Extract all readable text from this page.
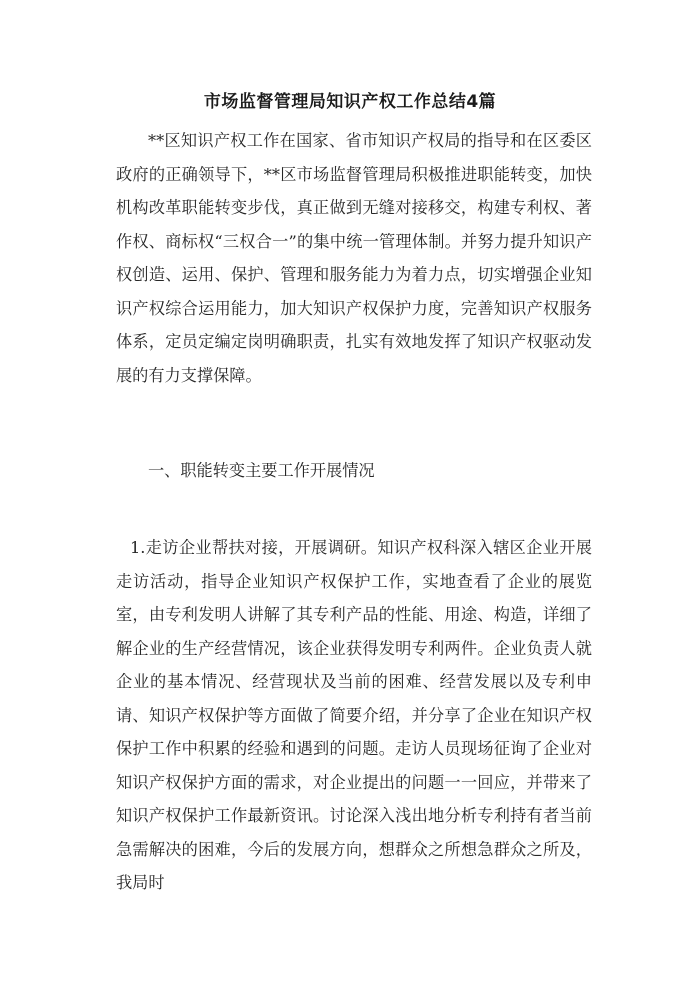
市场监督管理局知识产权工作总结4篇

**区知识产权工作在国家、省市知识产权局的指导和在区委区政府的正确领导下，**区市场监督管理局积极推进职能转变，加快机构改革职能转变步伐，真正做到无缝对接移交，构建专利权、著作权、商标权“三权合一”的集中统一管理体制。并努力提升知识产权创造、运用、保护、管理和服务能力为着力点，切实增强企业知识产权综合运用能力，加大知识产权保护力度，完善知识产权服务体系，定员定编定岗明确职责，扎实有效地发挥了知识产权驱动发展的有力支撑保障。

一、职能转变主要工作开展情况

1.走访企业帮扶对接，开展调研。知识产权科深入辖区企业开展走访活动，指导企业知识产权保护工作，实地查看了企业的展览室，由专利发明人讲解了其专利产品的性能、用途、构造，详细了解企业的生产经营情况，该企业获得发明专利两件。企业负责人就企业的基本情况、经营现状及当前的困难、经营发展以及专利申请、知识产权保护等方面做了简要介绍，并分享了企业在知识产权保护工作中积累的经验和遇到的问题。走访人员现场征询了企业对知识产权保护方面的需求，对企业提出的问题一一回应，并带来了知识产权保护工作最新资讯。讨论深入浅出地分析专利持有者当前急需解决的困难，今后的发展方向，想群众之所想急群众之所及，我局时
